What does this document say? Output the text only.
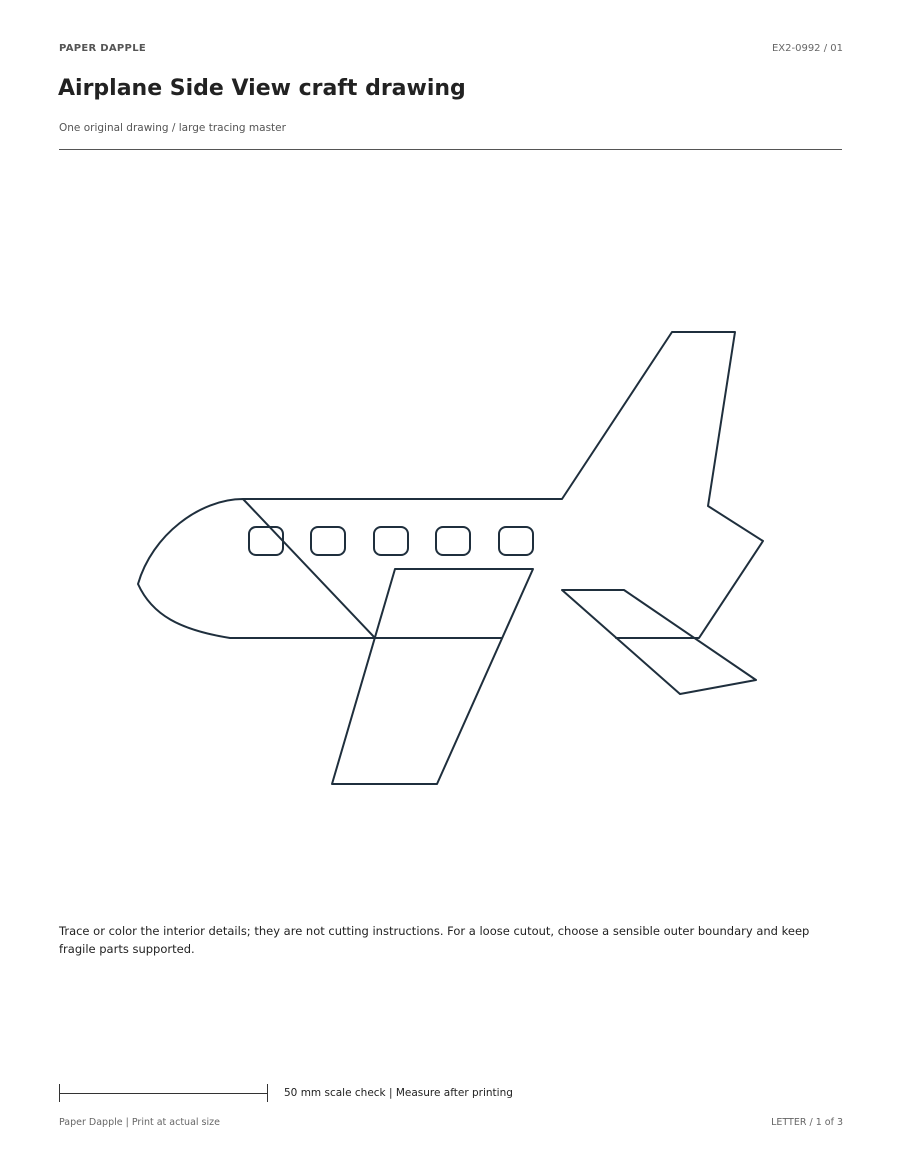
PAPER DAPPLE	EX2-0992 / 01
Airplane Side View craft drawing
One original drawing / large tracing master
Trace or color the interior details; they are not cutting instructions. For a loose cutout, choose a sensible outer boundary and keep fragile parts supported.
50 mm scale check | Measure after printing
Paper Dapple | Print at actual size	LETTER / 1 of 3
